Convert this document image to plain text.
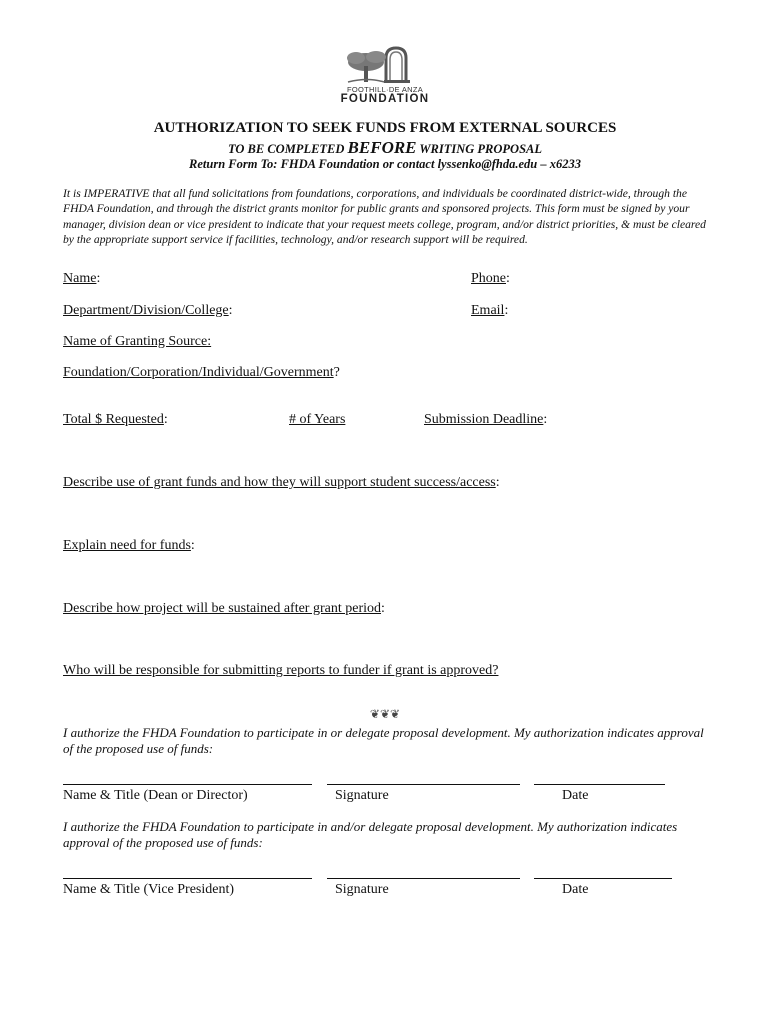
FOOTHILL·DE ANZA
FOUNDATION
AUTHORIZATION TO SEEK FUNDS FROM EXTERNAL SOURCES
TO BE COMPLETED BEFORE WRITING PROPOSAL
Return Form To: FHDA Foundation or contact lyssenko@fhda.edu – x6233
It is IMPERATIVE that all fund solicitations from foundations, corporations, and individuals be coordinated district-wide, through the FHDA Foundation, and through the district grants monitor for public grants and sponsored projects. This form must be signed by your manager, division dean or vice president to indicate that your request meets college, program, and/or district priorities, & must be cleared by the appropriate support service if facilities, technology, and/or research support will be required.
Name:	Phone:
Department/Division/College:	Email:
Name of Granting Source:
Foundation/Corporation/Individual/Government?
Total $ Requested:	# of Years	Submission Deadline:
Describe use of grant funds and how they will support student success/access:
Explain need for funds:
Describe how project will be sustained after grant period:
Who will be responsible for submitting reports to funder if grant is approved?
❦❦❦
I authorize the FHDA Foundation to participate in or delegate proposal development. My authorization indicates approval of the proposed use of funds:
Name & Title (Dean or Director)	Signature	Date
I authorize the FHDA Foundation to participate in and/or delegate proposal development. My authorization indicates approval of the proposed use of funds:
Name & Title (Vice President)	Signature	Date
